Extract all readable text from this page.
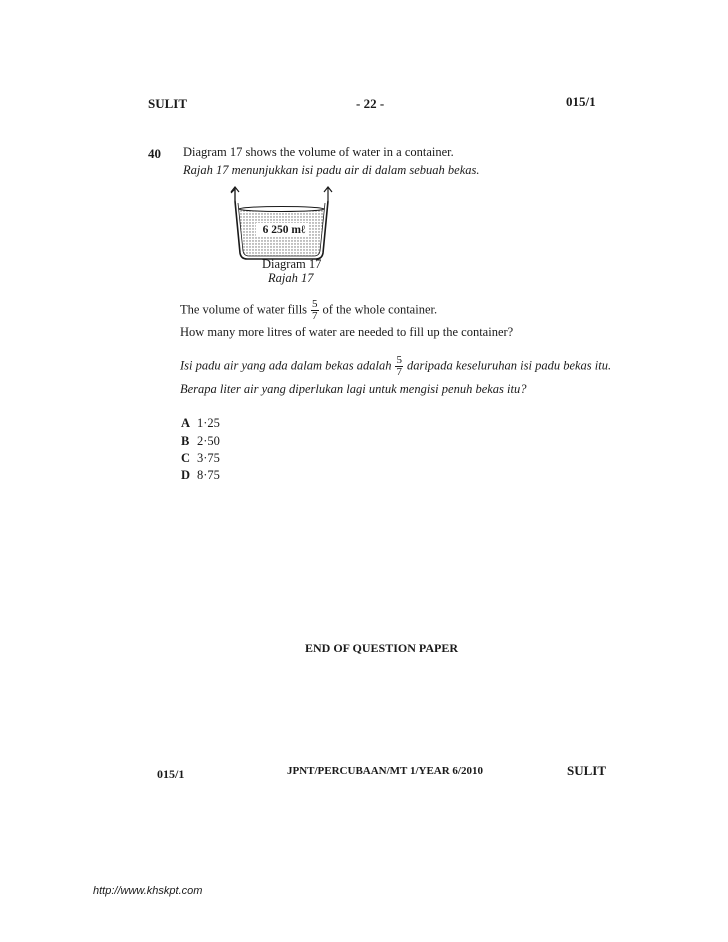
SULIT	- 22 -	015/1
40 Diagram 17 shows the volume of water in a container.
Rajah 17 menunjukkan isi padu air di dalam sebuah bekas.
6 250 mℓ
Diagram 17
Rajah 17
The volume of water fills $\frac{5}{7}$ of the whole container.
How many more litres of water are needed to fill up the container?
Isi padu air yang ada dalam bekas adalah $\frac{5}{7}$ daripada keseluruhan isi padu bekas itu.
Berapa liter air yang diperlukan lagi untuk mengisi penuh bekas itu?
A 1·25
B 2·50
C 3·75
D 8·75
END OF QUESTION PAPER
015/1	JPNT/PERCUBAAN/MT 1/YEAR 6/2010	SULIT
http://www.khskpt.com
